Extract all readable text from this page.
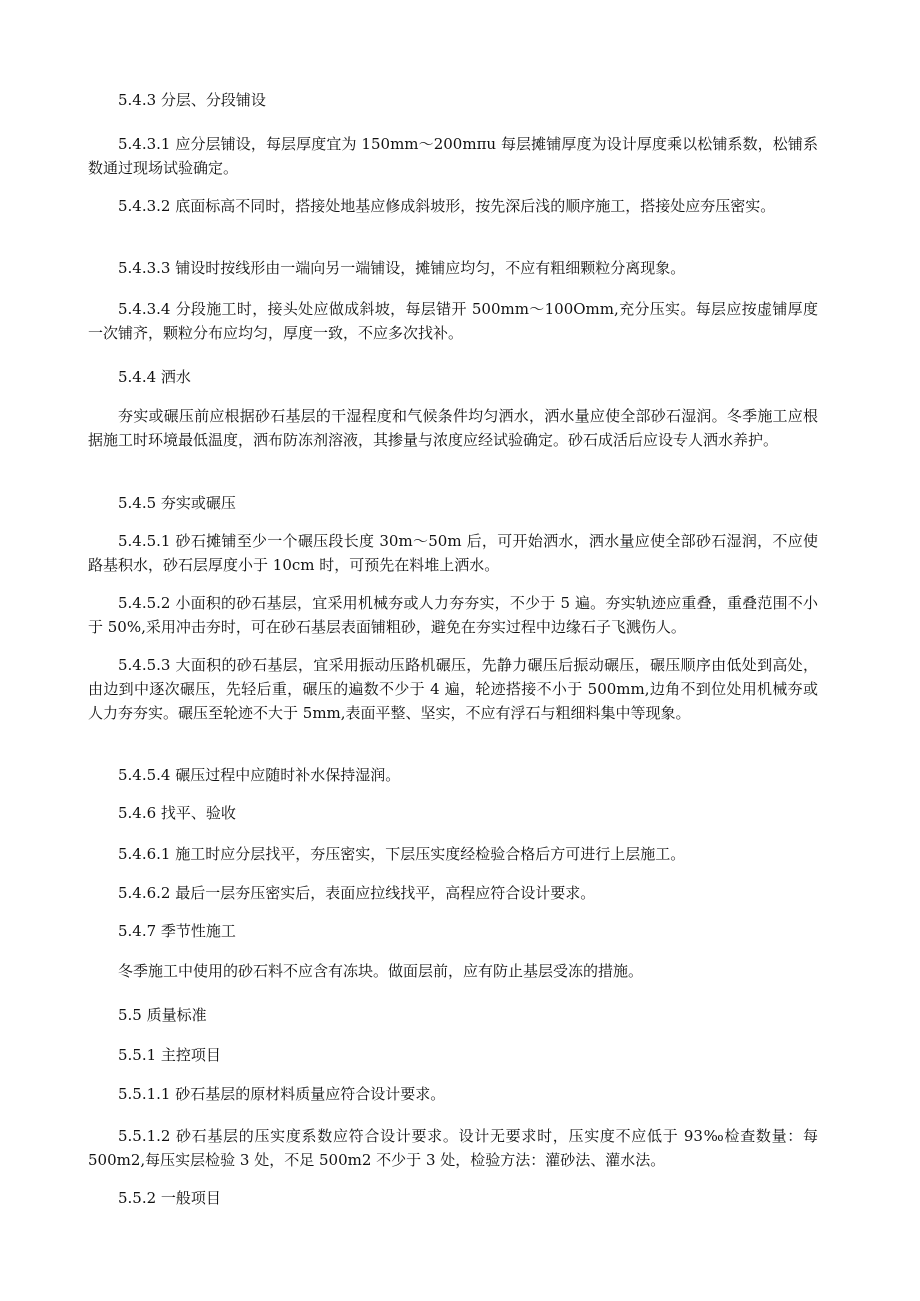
5.4.3 分层、分段铺设

5.4.3.1 应分层铺设，每层厚度宜为 150mm～200mπu 每层摊铺厚度为设计厚度乘以松铺系数，松铺系数通过现场试验确定。

5.4.3.2 底面标高不同时，搭接处地基应修成斜坡形，按先深后浅的顺序施工，搭接处应夯压密实。

5.4.3.3 铺设时按线形由一端向另一端铺设，摊铺应均匀，不应有粗细颗粒分离现象。

5.4.3.4 分段施工时，接头处应做成斜坡，每层错开 500mm～100Omm,充分压实。每层应按虚铺厚度一次铺齐，颗粒分布应均匀，厚度一致，不应多次找补。

5.4.4 洒水

夯实或碾压前应根据砂石基层的干湿程度和气候条件均匀洒水，洒水量应使全部砂石湿润。冬季施工应根据施工时环境最低温度，洒布防冻剂溶液，其掺量与浓度应经试验确定。砂石成活后应设专人洒水养护。

5.4.5 夯实或碾压

5.4.5.1 砂石摊铺至少一个碾压段长度 30m～50m 后，可开始洒水，洒水量应使全部砂石湿润，不应使路基积水，砂石层厚度小于 10cm 时，可预先在料堆上洒水。

5.4.5.2 小面积的砂石基层，宜采用机械夯或人力夯夯实，不少于 5 遍。夯实轨迹应重叠，重叠范围不小于 50%,采用冲击夯时，可在砂石基层表面铺粗砂，避免在夯实过程中边缘石子飞溅伤人。

5.4.5.3 大面积的砂石基层，宜采用振动压路机碾压，先静力碾压后振动碾压，碾压顺序由低处到高处，由边到中逐次碾压，先轻后重，碾压的遍数不少于 4 遍，轮迹搭接不小于 500mm,边角不到位处用机械夯或人力夯夯实。碾压至轮迹不大于 5mm,表面平整、坚实，不应有浮石与粗细料集中等现象。

5.4.5.4 碾压过程中应随时补水保持湿润。

5.4.6 找平、验收

5.4.6.1 施工时应分层找平，夯压密实，下层压实度经检验合格后方可进行上层施工。

5.4.6.2 最后一层夯压密实后，表面应拉线找平，高程应符合设计要求。

5.4.7 季节性施工

冬季施工中使用的砂石料不应含有冻块。做面层前，应有防止基层受冻的措施。

5.5 质量标准

5.5.1 主控项目

5.5.1.1 砂石基层的原材料质量应符合设计要求。

5.5.1.2 砂石基层的压实度系数应符合设计要求。设计无要求时，压实度不应低于 93‰检查数量：每 500m2,每压实层检验 3 处，不足 500m2 不少于 3 处，检验方法：灌砂法、灌水法。

5.5.2 一般项目
